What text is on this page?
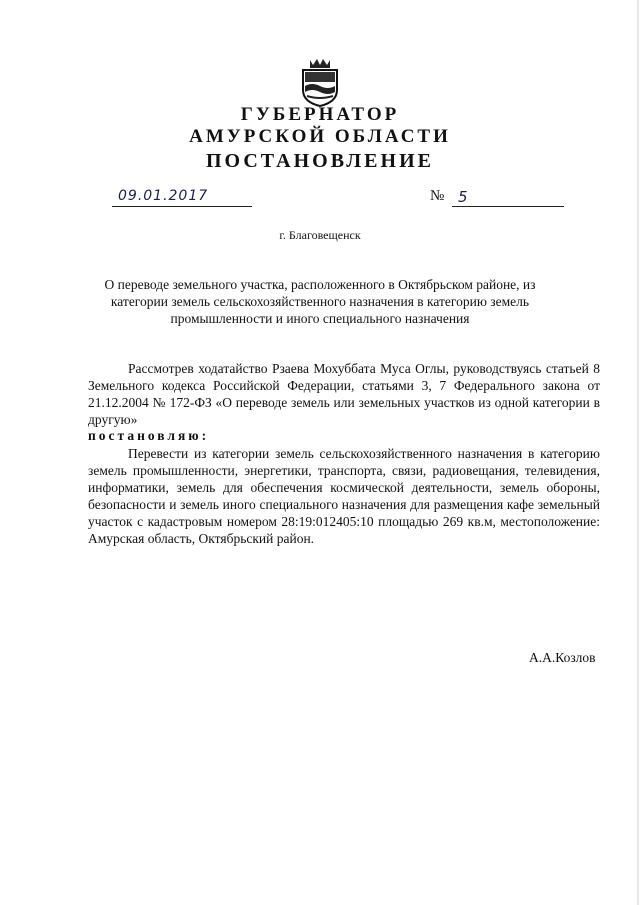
ГУБЕРНАТОР
АМУРСКОЙ ОБЛАСТИ
ПОСТАНОВЛЕНИЕ
09.01.2017	№ 5
г. Благовещенск
О переводе земельного участка, расположенного в Октябрьском районе, из категории земель сельскохозяйственного назначения в категорию земель промышленности и иного специального назначения
Рассмотрев ходатайство Рзаева Мохуббата Муса Оглы, руководствуясь статьей 8 Земельного кодекса Российской Федерации, статьями 3, 7 Федерального закона от 21.12.2004 № 172-ФЗ «О переводе земель или земельных участков из одной категории в другую»
постановляю:
Перевести из категории земель сельскохозяйственного назначения в категорию земель промышленности, энергетики, транспорта, связи, радиовещания, телевидения, информатики, земель для обеспечения космической деятельности, земель обороны, безопасности и земель иного специального назначения для размещения кафе земельный участок с кадастровым номером 28:19:012405:10 площадью 269 кв.м, местоположение: Амурская область, Октябрьский район.
А.А.Козлов
